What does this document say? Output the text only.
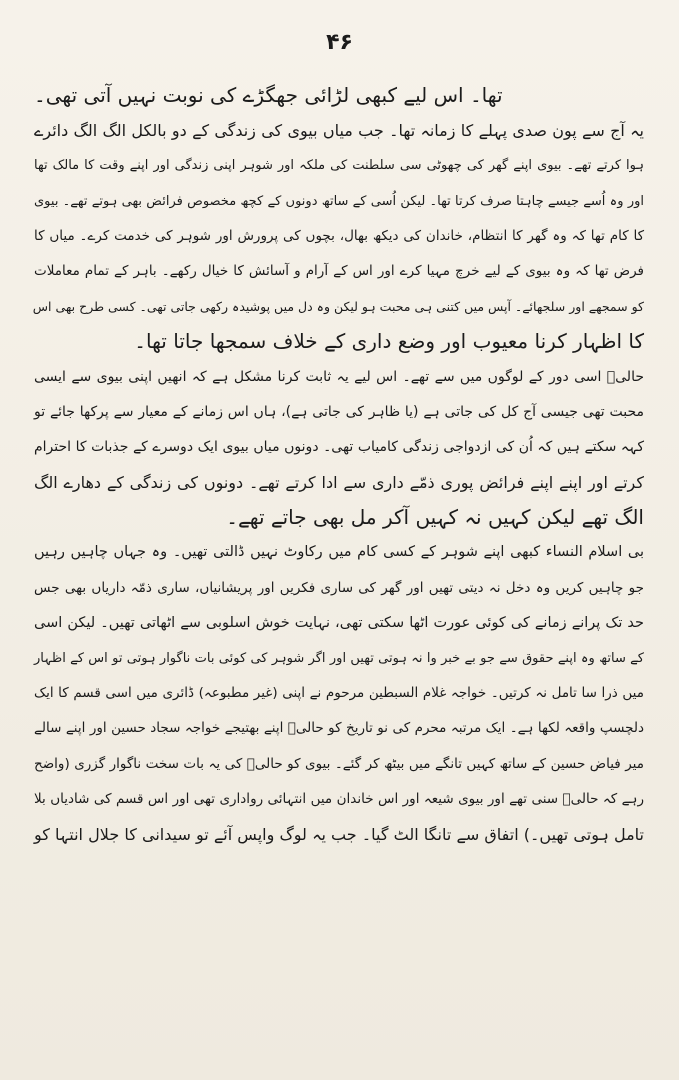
۴۶
تھا۔ اس لیے کبھی لڑائی جھگڑے کی نوبت نہیں آتی تھی۔
یہ آج سے پون صدی پہلے کا زمانہ تھا۔ جب میاں بیوی کی زندگی کے دو بالکل الگ الگ دائرے
ہوا کرتے تھے۔ بیوی اپنے گھر کی چھوٹی سی سلطنت کی ملکہ اور شوہر اپنی زندگی اور اپنے وقت کا مالک تھا
اور وہ اُسے جیسے چاہتا صرف کرتا تھا۔ لیکن اُسی کے ساتھ دونوں کے کچھ مخصوص فرائض بھی ہوتے تھے۔ بیوی
کا کام تھا کہ وہ گھر کا انتظام، خاندان کی دیکھ بھال، بچوں کی پرورش اور شوہر کی خدمت کرے۔ میاں کا
فرض تھا کہ وہ بیوی کے لیے خرچ مہیا کرے اور اس کے آرام و آسائش کا خیال رکھے۔ باہر کے تمام معاملات
کو سمجھے اور سلجھائے۔ آپس میں کتنی ہی محبت ہو لیکن وہ دل میں پوشیدہ رکھی جاتی تھی۔ کسی طرح بھی اس
کا اظہار کرنا معیوب اور وضع داری کے خلاف سمجھا جاتا تھا۔
حالیؔ اسی دور کے لوگوں میں سے تھے۔ اس لیے یہ ثابت کرنا مشکل ہے کہ انھیں اپنی بیوی سے ایسی
محبت تھی جیسی آج کل کی جاتی ہے (یا ظاہر کی جاتی ہے)، ہاں اس زمانے کے معیار سے پرکھا جائے تو
کہہ سکتے ہیں کہ اُن کی ازدواجی زندگی کامیاب تھی۔ دونوں میاں بیوی ایک دوسرے کے جذبات کا احترام
کرتے اور اپنے اپنے فرائض پوری ذمّے داری سے ادا کرتے تھے۔ دونوں کی زندگی کے دھارے الگ
الگ تھے لیکن کہیں نہ کہیں آکر مل بھی جاتے تھے۔
بی اسلام النساء کبھی اپنے شوہر کے کسی کام میں رکاوٹ نہیں ڈالتی تھیں۔ وہ جہاں چاہیں رہیں
جو چاہیں کریں وہ دخل نہ دیتی تھیں اور گھر کی ساری فکریں اور پریشانیاں، ساری ذمّہ داریاں بھی جس
حد تک پرانے زمانے کی کوئی عورت اٹھا سکتی تھی، نہایت خوش اسلوبی سے اٹھاتی تھیں۔ لیکن اسی
کے ساتھ وہ اپنے حقوق سے جو بے خبر وا نہ ہوتی تھیں اور اگر شوہر کی کوئی بات ناگوار ہوتی تو اس کے اظہار
میں ذرا سا تامل نہ کرتیں۔ خواجہ غلام السبطین مرحوم نے اپنی (غیر مطبوعہ) ڈائری میں اسی قسم کا ایک
دلچسپ واقعہ لکھا ہے۔ ایک مرتبہ محرم کی نو تاریخ کو حالیؔ اپنے بھتیجے خواجہ سجاد حسین اور اپنے سالے
میر فیاض حسین کے ساتھ کہیں تانگے میں بیٹھ کر گئے۔ بیوی کو حالیؔ کی یہ بات سخت ناگوار گزری (واضح
رہے کہ حالیؔ سنی تھے اور بیوی شیعہ اور اس خاندان میں انتہائی رواداری تھی اور اس قسم کی شادیاں بلا
تامل ہوتی تھیں۔) اتفاق سے تانگا الٹ گیا۔ جب یہ لوگ واپس آئے تو سیدانی کا جلال انتہا کو
